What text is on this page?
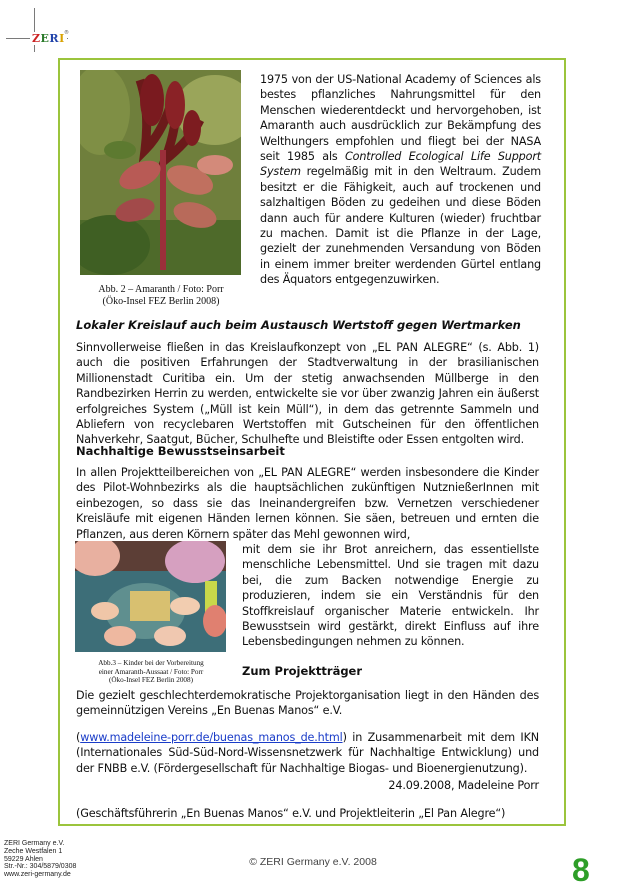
ZERI ®
Abb. 2 – Amaranth / Foto: Porr
(Öko-Insel FEZ Berlin 2008)

1975 von der US-National Academy of Sciences als bestes pflanzliches Nahrungsmittel für den Menschen wiederentdeckt und hervorgehoben, ist Amaranth auch ausdrücklich zur Bekämpfung des Welthungers empfohlen und fliegt bei der NASA seit 1985 als Controlled Ecological Life Support System regelmäßig mit in den Weltraum. Zudem besitzt er die Fähigkeit, auch auf trockenen und salzhaltigen Böden zu gedeihen und diese Böden dann auch für andere Kulturen (wieder) fruchtbar zu machen. Damit ist die Pflanze in der Lage, gezielt der zunehmenden Versandung von Böden in einem immer breiter werdenden Gürtel entlang des Äquators entgegenzuwirken.

Lokaler Kreislauf auch beim Austausch Wertstoff gegen Wertmarken

Sinnvollerweise fließen in das Kreislaufkonzept von „EL PAN ALEGRE“ (s. Abb. 1) auch die positiven Erfahrungen der Stadtverwaltung in der brasilianischen Millionenstadt Curitiba ein. Um der stetig anwachsenden Müllberge in den Randbezirken Herrin zu werden, entwickelte sie vor über zwanzig Jahren ein äußerst erfolgreiches System („Müll ist kein Müll“), in dem das getrennte Sammeln und Abliefern von recyclebaren Wertstoffen mit Gutscheinen für den öffentlichen Nahverkehr, Saatgut, Bücher, Schulhefte und Bleistifte oder Essen entgolten wird.

Nachhaltige Bewusstseinsarbeit

In allen Projektteilbereichen von „EL PAN ALEGRE“ werden insbesondere die Kinder des Pilot-Wohnbezirks als die hauptsächlichen zukünftigen NutznießerInnen mit einbezogen, so dass sie das Ineinandergreifen bzw. Vernetzen verschiedener Kreisläufe mit eigenen Händen lernen können. Sie säen, betreuen und ernten die Pflanzen, aus deren Körnern später das Mehl gewonnen wird,

Abb.3 – Kinder bei der Vorbereitung
einer Amaranth-Aussaat / Foto: Porr
(Öko-Insel FEZ Berlin 2008)

mit dem sie ihr Brot anreichern, das essentiellste menschliche Lebensmittel. Und sie tragen mit dazu bei, die zum Backen notwendige Energie zu produzieren, indem sie ein Verständnis für den Stoffkreislauf organischer Materie entwickeln. Ihr Bewusstsein wird gestärkt, direkt Einfluss auf ihre Lebensbedingungen nehmen zu können.

Zum Projektträger

Die gezielt geschlechterdemokratische Projektorganisation liegt in den Händen des gemeinnützigen Vereins „En Buenas Manos“ e.V.

(www.madeleine-porr.de/buenas_manos_de.html) in Zusammenarbeit mit dem IKN (Internationales Süd-Süd-Nord-Wissensnetzwerk für Nachhaltige Entwicklung) und der FNBB e.V. (Fördergesellschaft für Nachhaltige Biogas- und Bioenergienutzung).

24.09.2008, Madeleine Porr

(Geschäftsführerin „En Buenas Manos“ e.V. und Projektleiterin „El Pan Alegre“)

ZERI Germany e.V.
Zeche Westfalen 1
59229 Ahlen
Str.-Nr.: 304/5879/0308
www.zeri-germany.de
© ZERI Germany e.V. 2008	8
